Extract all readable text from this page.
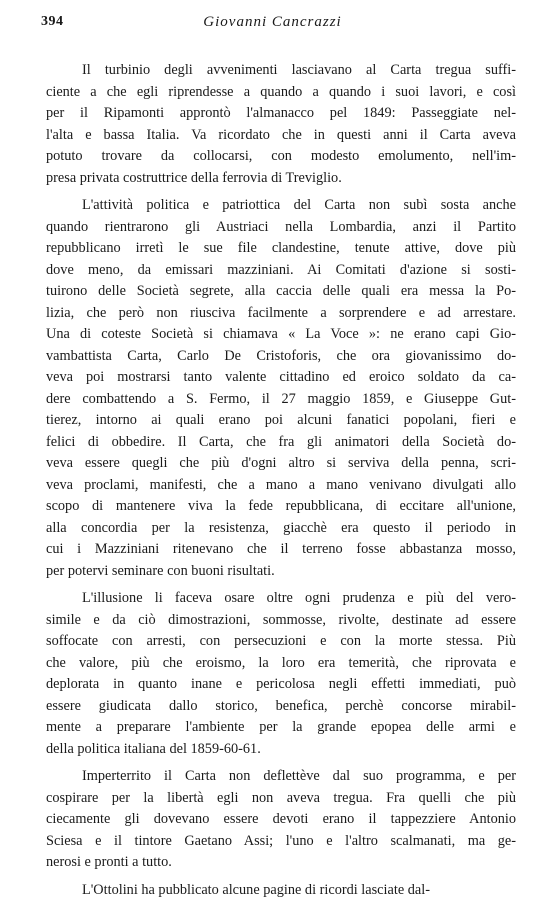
394	Giovanni Cancrazzi
Il turbinio degli avvenimenti lasciavano al Carta tregua suffi-
ciente a che egli riprendesse a quando a quando i suoi lavori, e così
per il Ripamonti approntò l'almanacco pel 1849: Passeggiate nel-
l'alta e bassa Italia. Va ricordato che in questi anni il Carta aveva
potuto trovare da collocarsi, con modesto emolumento, nell'im-
presa privata costruttrice della ferrovia di Treviglio.
L'attività politica e patriottica del Carta non subì sosta anche
quando rientrarono gli Austriaci nella Lombardia, anzi il Partito
repubblicano irretì le sue file clandestine, tenute attive, dove più
dove meno, da emissari mazziniani. Ai Comitati d'azione si sosti-
tuirono delle Società segrete, alla caccia delle quali era messa la Po-
lizia, che però non riusciva facilmente a sorprendere e ad arrestare.
Una di coteste Società si chiamava « La Voce »: ne erano capi Gio-
vambattista Carta, Carlo De Cristoforis, che ora giovanissimo do-
veva poi mostrarsi tanto valente cittadino ed eroico soldato da ca-
dere combattendo a S. Fermo, il 27 maggio 1859, e Giuseppe Gut-
tierez, intorno ai quali erano poi alcuni fanatici popolani, fieri e
felici di obbedire. Il Carta, che fra gli animatori della Società do-
veva essere quegli che più d'ogni altro si serviva della penna, scri-
veva proclami, manifesti, che a mano a mano venivano divulgati allo
scopo di mantenere viva la fede repubblicana, di eccitare all'unione,
alla concordia per la resistenza, giacchè era questo il periodo in
cui i Mazziniani ritenevano che il terreno fosse abbastanza mosso,
per potervi seminare con buoni risultati.
L'illusione li faceva osare oltre ogni prudenza e più del vero-
simile e da ciò dimostrazioni, sommosse, rivolte, destinate ad essere
soffocate con arresti, con persecuzioni e con la morte stessa. Più
che valore, più che eroismo, la loro era temerità, che riprovata e
deplorata in quanto inane e pericolosa negli effetti immediati, può
essere giudicata dallo storico, benefica, perchè concorse mirabil-
mente a preparare l'ambiente per la grande epopea delle armi e
della politica italiana del 1859-60-61.
Imperterrito il Carta non deflettève dal suo programma, e per
cospirare per la libertà egli non aveva tregua. Fra quelli che più
ciecamente gli dovevano essere devoti erano il tappezziere Antonio
Sciesa e il tintore Gaetano Assi; l'uno e l'altro scalmanati, ma ge-
nerosi e pronti a tutto.
L'Ottolini ha pubblicato alcune pagine di ricordi lasciate dal-
